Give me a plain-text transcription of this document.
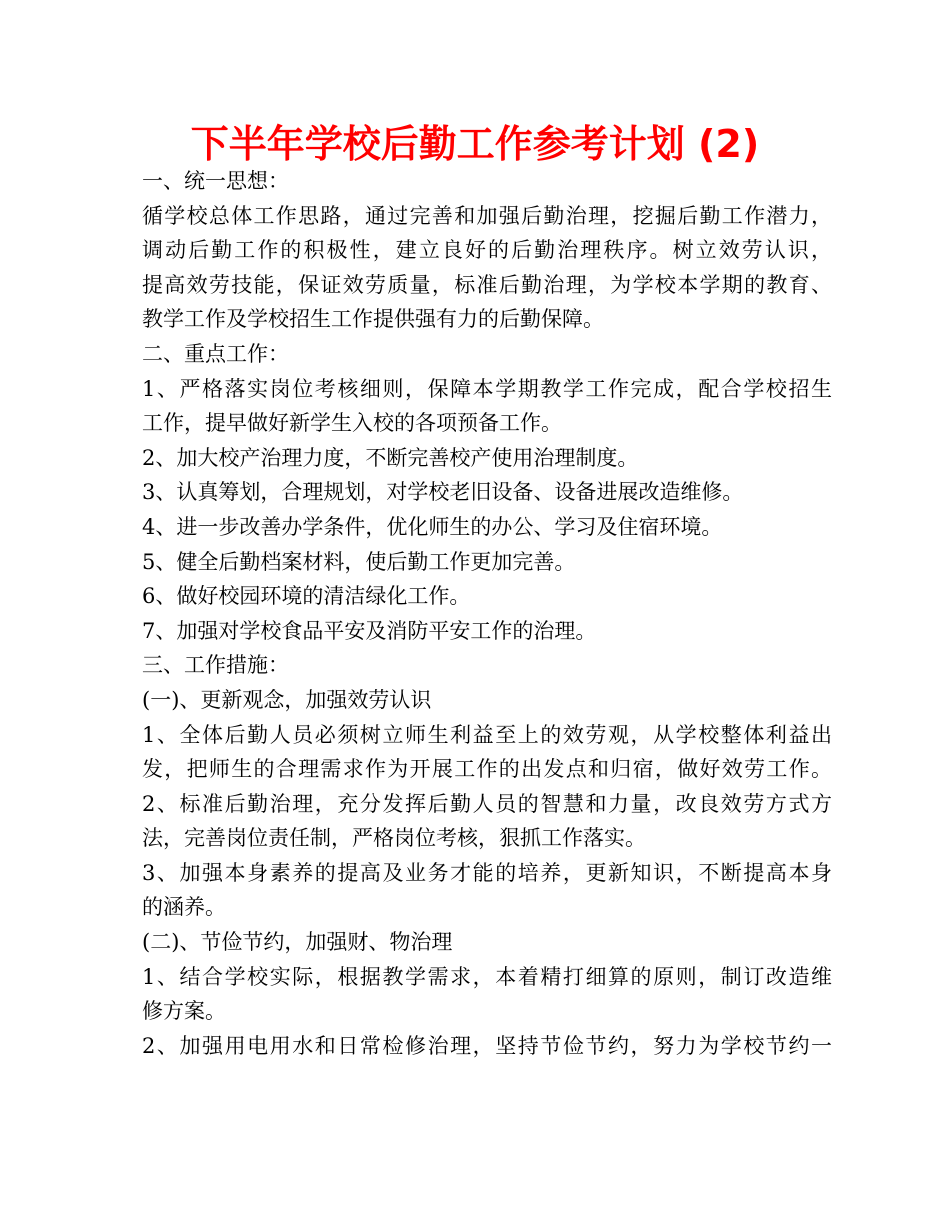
下半年学校后勤工作参考计划 (2)
一、统一思想：
循学校总体工作思路，通过完善和加强后勤治理，挖掘后勤工作潜力，
调动后勤工作的积极性，建立良好的后勤治理秩序。树立效劳认识，
提高效劳技能，保证效劳质量，标准后勤治理，为学校本学期的教育、
教学工作及学校招生工作提供强有力的后勤保障。
二、重点工作：
1、严格落实岗位考核细则，保障本学期教学工作完成，配合学校招生
工作，提早做好新学生入校的各项预备工作。
2、加大校产治理力度，不断完善校产使用治理制度。
3、认真筹划，合理规划，对学校老旧设备、设备进展改造维修。
4、进一步改善办学条件，优化师生的办公、学习及住宿环境。
5、健全后勤档案材料，使后勤工作更加完善。
6、做好校园环境的清洁绿化工作。
7、加强对学校食品平安及消防平安工作的治理。
三、工作措施：
(一)、更新观念，加强效劳认识
1、全体后勤人员必须树立师生利益至上的效劳观，从学校整体利益出
发，把师生的合理需求作为开展工作的出发点和归宿，做好效劳工作。
2、标准后勤治理，充分发挥后勤人员的智慧和力量，改良效劳方式方
法，完善岗位责任制，严格岗位考核，狠抓工作落实。
3、加强本身素养的提高及业务才能的培养，更新知识，不断提高本身
的涵养。
(二)、节俭节约，加强财、物治理
1、结合学校实际，根据教学需求，本着精打细算的原则，制订改造维
修方案。
2、加强用电用水和日常检修治理，坚持节俭节约，努力为学校节约一
